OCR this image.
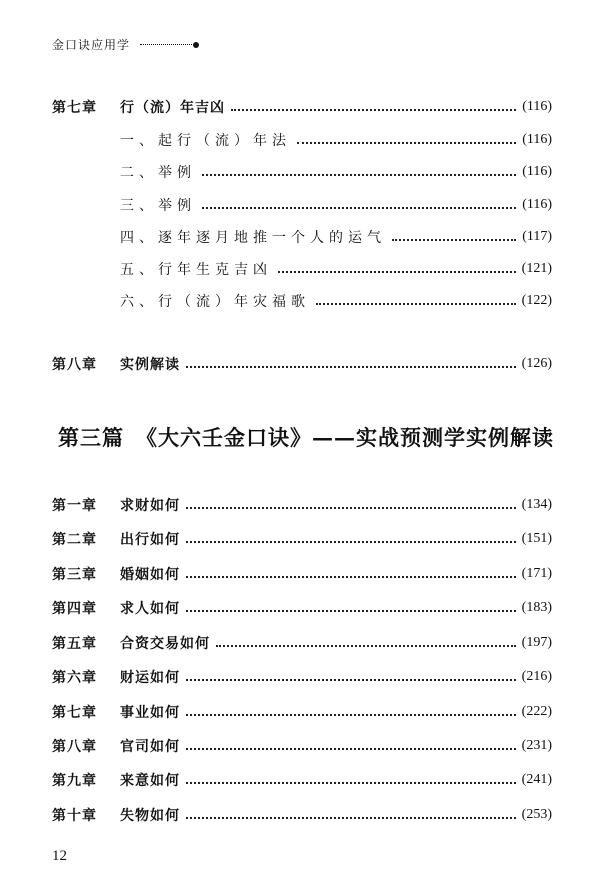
金口诀应用学
第七章 行（流）年吉凶	(116)
一、起行（流）年法	(116)
二、举例	(116)
三、举例	(116)
四、逐年逐月地推一个人的运气	(117)
五、行年生克吉凶	(121)
六、行（流）年灾福歌	(122)
第八章 实例解读	(126)
第三篇 《大六壬金口诀》——实战预测学实例解读
第一章 求财如何	(134)
第二章 出行如何	(151)
第三章 婚姻如何	(171)
第四章 求人如何	(183)
第五章 合资交易如何	(197)
第六章 财运如何	(216)
第七章 事业如何	(222)
第八章 官司如何	(231)
第九章 来意如何	(241)
第十章 失物如何	(253)
12
